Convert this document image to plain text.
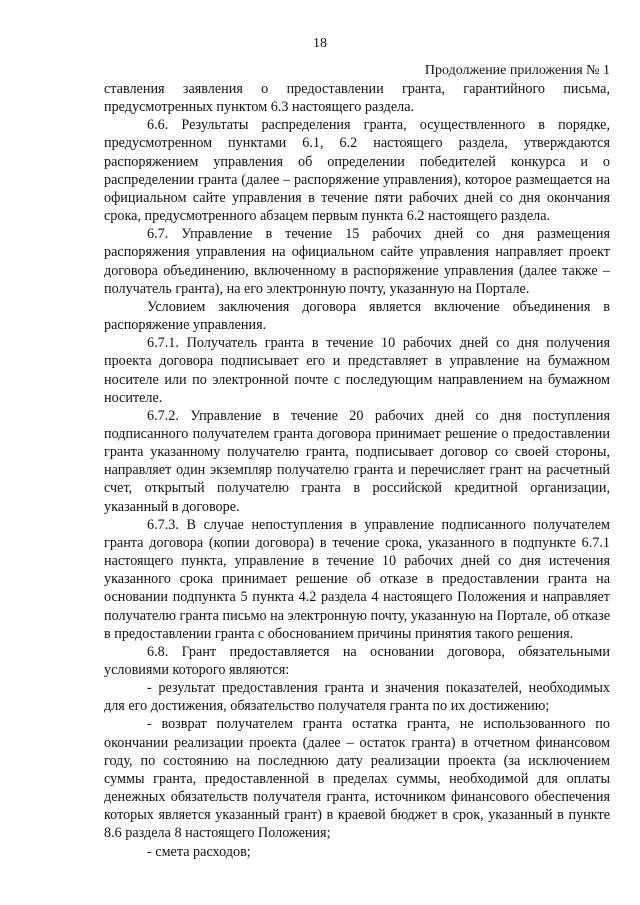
18
Продолжение приложения № 1

ставления заявления о предоставлении гранта, гарантийного письма, предусмотренных пунктом 6.3 настоящего раздела.

6.6. Результаты распределения гранта, осуществленного в порядке, предусмотренном пунктами 6.1, 6.2 настоящего раздела, утверждаются распоряжением управления об определении победителей конкурса и о распределении гранта (далее – распоряжение управления), которое размещается на официальном сайте управления в течение пяти рабочих дней со дня окончания срока, предусмотренного абзацем первым пункта 6.2 настоящего раздела.

6.7. Управление в течение 15 рабочих дней со дня размещения распоряжения управления на официальном сайте управления направляет проект договора объединению, включенному в распоряжение управления (далее также – получатель гранта), на его электронную почту, указанную на Портале.

Условием заключения договора является включение объединения в распоряжение управления.

6.7.1. Получатель гранта в течение 10 рабочих дней со дня получения проекта договора подписывает его и представляет в управление на бумажном носителе или по электронной почте с последующим направлением на бумажном носителе.

6.7.2. Управление в течение 20 рабочих дней со дня поступления подписанного получателем гранта договора принимает решение о предоставлении гранта указанному получателю гранта, подписывает договор со своей стороны, направляет один экземпляр получателю гранта и перечисляет грант на расчетный счет, открытый получателю гранта в российской кредитной организации, указанный в договоре.

6.7.3. В случае непоступления в управление подписанного получателем гранта договора (копии договора) в течение срока, указанного в подпункте 6.7.1 настоящего пункта, управление в течение 10 рабочих дней со дня истечения указанного срока принимает решение об отказе в предоставлении гранта на основании подпункта 5 пункта 4.2 раздела 4 настоящего Положения и направляет получателю гранта письмо на электронную почту, указанную на Портале, об отказе в предоставлении гранта с обоснованием причины принятия такого решения.

6.8. Грант предоставляется на основании договора, обязательными условиями которого являются:

- результат предоставления гранта и значения показателей, необходимых для его достижения, обязательство получателя гранта по их достижению;

- возврат получателем гранта остатка гранта, не использованного по окончании реализации проекта (далее – остаток гранта) в отчетном финансовом году, по состоянию на последнюю дату реализации проекта (за исключением суммы гранта, предоставленной в пределах суммы, необходимой для оплаты денежных обязательств получателя гранта, источником финансового обеспечения которых является указанный грант) в краевой бюджет в срок, указанный в пункте 8.6 раздела 8 настоящего Положения;

- смета расходов;
